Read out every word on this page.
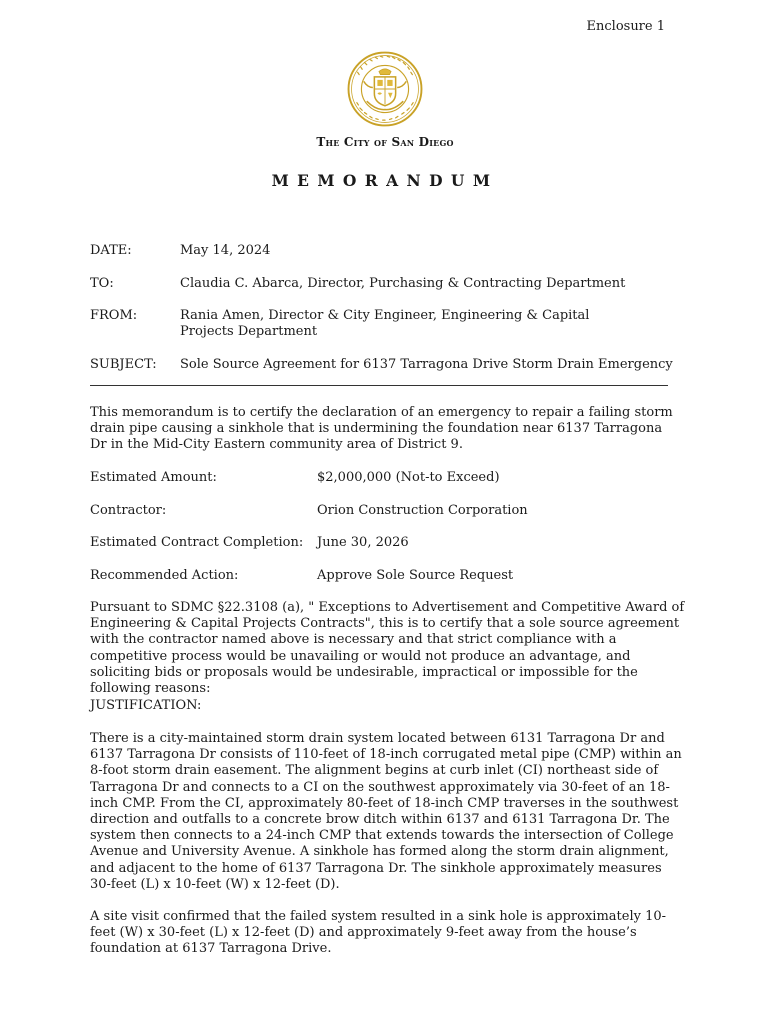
Enclosure 1
The City of San Diego
MEMORANDUM
DATE:	May 14, 2024
TO:	Claudia C. Abarca, Director, Purchasing & Contracting Department
FROM:	Rania Amen, Director & City Engineer, Engineering & Capital Projects Department
SUBJECT:	Sole Source Agreement for 6137 Tarragona Drive Storm Drain Emergency
This memorandum is to certify the declaration of an emergency to repair a failing storm drain pipe causing a sinkhole that is undermining the foundation near 6137 Tarragona Dr in the Mid-City Eastern community area of District 9.
Estimated Amount:	$2,000,000 (Not-to Exceed)
Contractor:	Orion Construction Corporation
Estimated Contract Completion: June 30, 2026
Recommended Action:	Approve Sole Source Request
Pursuant to SDMC §22.3108 (a), " Exceptions to Advertisement and Competitive Award of Engineering & Capital Projects Contracts", this is to certify that a sole source agreement with the contractor named above is necessary and that strict compliance with a competitive process would be unavailing or would not produce an advantage, and soliciting bids or proposals would be undesirable, impractical or impossible for the following reasons:
JUSTIFICATION:
There is a city-maintained storm drain system located between 6131 Tarragona Dr and 6137 Tarragona Dr consists of 110-feet of 18-inch corrugated metal pipe (CMP) within an 8-foot storm drain easement. The alignment begins at curb inlet (CI) northeast side of Tarragona Dr and connects to a CI on the southwest approximately via 30-feet of an 18-inch CMP. From the CI, approximately 80-feet of 18-inch CMP traverses in the southwest direction and outfalls to a concrete brow ditch within 6137 and 6131 Tarragona Dr. The system then connects to a 24-inch CMP that extends towards the intersection of College Avenue and University Avenue. A sinkhole has formed along the storm drain alignment, and adjacent to the home of 6137 Tarragona Dr. The sinkhole approximately measures 30-feet (L) x 10-feet (W) x 12-feet (D).
A site visit confirmed that the failed system resulted in a sink hole is approximately 10-feet (W) x 30-feet (L) x 12-feet (D) and approximately 9-feet away from the house’s foundation at 6137 Tarragona Drive.
